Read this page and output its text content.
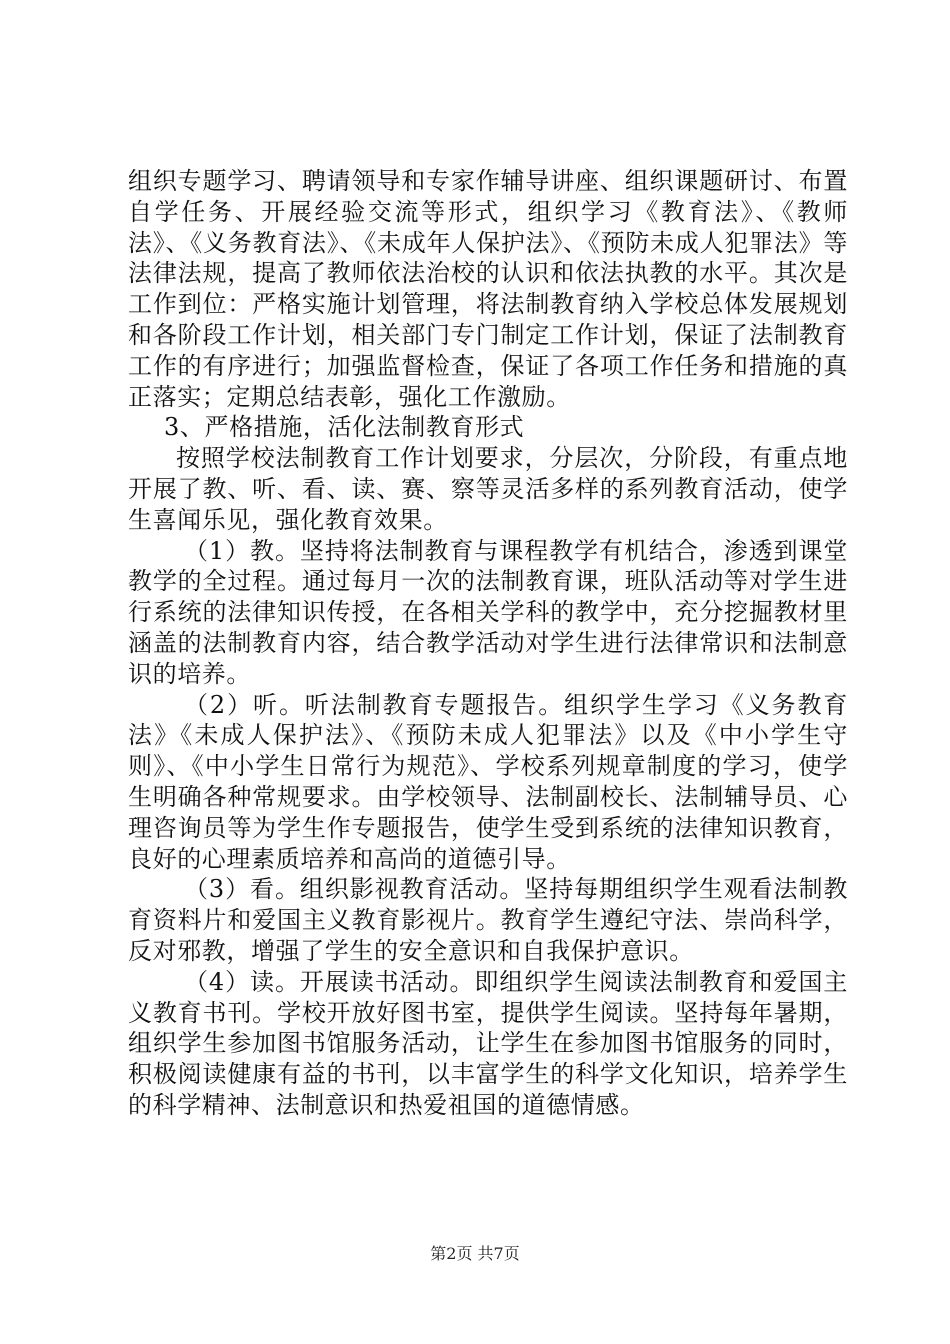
组织专题学习、聘请领导和专家作辅导讲座、组织课题研讨、布置自学任务、开展经验交流等形式，组织学习《教育法》、《教师法》、《义务教育法》、《未成年人保护法》、《预防未成人犯罪法》等法律法规，提高了教师依法治校的认识和依法执教的水平。其次是工作到位：严格实施计划管理，将法制教育纳入学校总体发展规划和各阶段工作计划，相关部门专门制定工作计划，保证了法制教育工作的有序进行；加强监督检查，保证了各项工作任务和措施的真正落实；定期总结表彰，强化工作激励。

3、严格措施，活化法制教育形式

按照学校法制教育工作计划要求，分层次，分阶段，有重点地开展了教、听、看、读、赛、察等灵活多样的系列教育活动，使学生喜闻乐见，强化教育效果。

（1）教。坚持将法制教育与课程教学有机结合，渗透到课堂教学的全过程。通过每月一次的法制教育课，班队活动等对学生进行系统的法律知识传授，在各相关学科的教学中，充分挖掘教材里涵盖的法制教育内容，结合教学活动对学生进行法律常识和法制意识的培养。

（2）听。听法制教育专题报告。组织学生学习《义务教育法》《未成人保护法》、《预防未成人犯罪法》以及《中小学生守则》、《中小学生日常行为规范》、学校系列规章制度的学习，使学生明确各种常规要求。由学校领导、法制副校长、法制辅导员、心理咨询员等为学生作专题报告，使学生受到系统的法律知识教育，良好的心理素质培养和高尚的道德引导。

（3）看。组织影视教育活动。坚持每期组织学生观看法制教育资料片和爱国主义教育影视片。教育学生遵纪守法、崇尚科学，反对邪教，增强了学生的安全意识和自我保护意识。

（4）读。开展读书活动。即组织学生阅读法制教育和爱国主义教育书刊。学校开放好图书室，提供学生阅读。坚持每年暑期，组织学生参加图书馆服务活动，让学生在参加图书馆服务的同时，积极阅读健康有益的书刊，以丰富学生的科学文化知识，培养学生的科学精神、法制意识和热爱祖国的道德情感。

第2页 共7页
